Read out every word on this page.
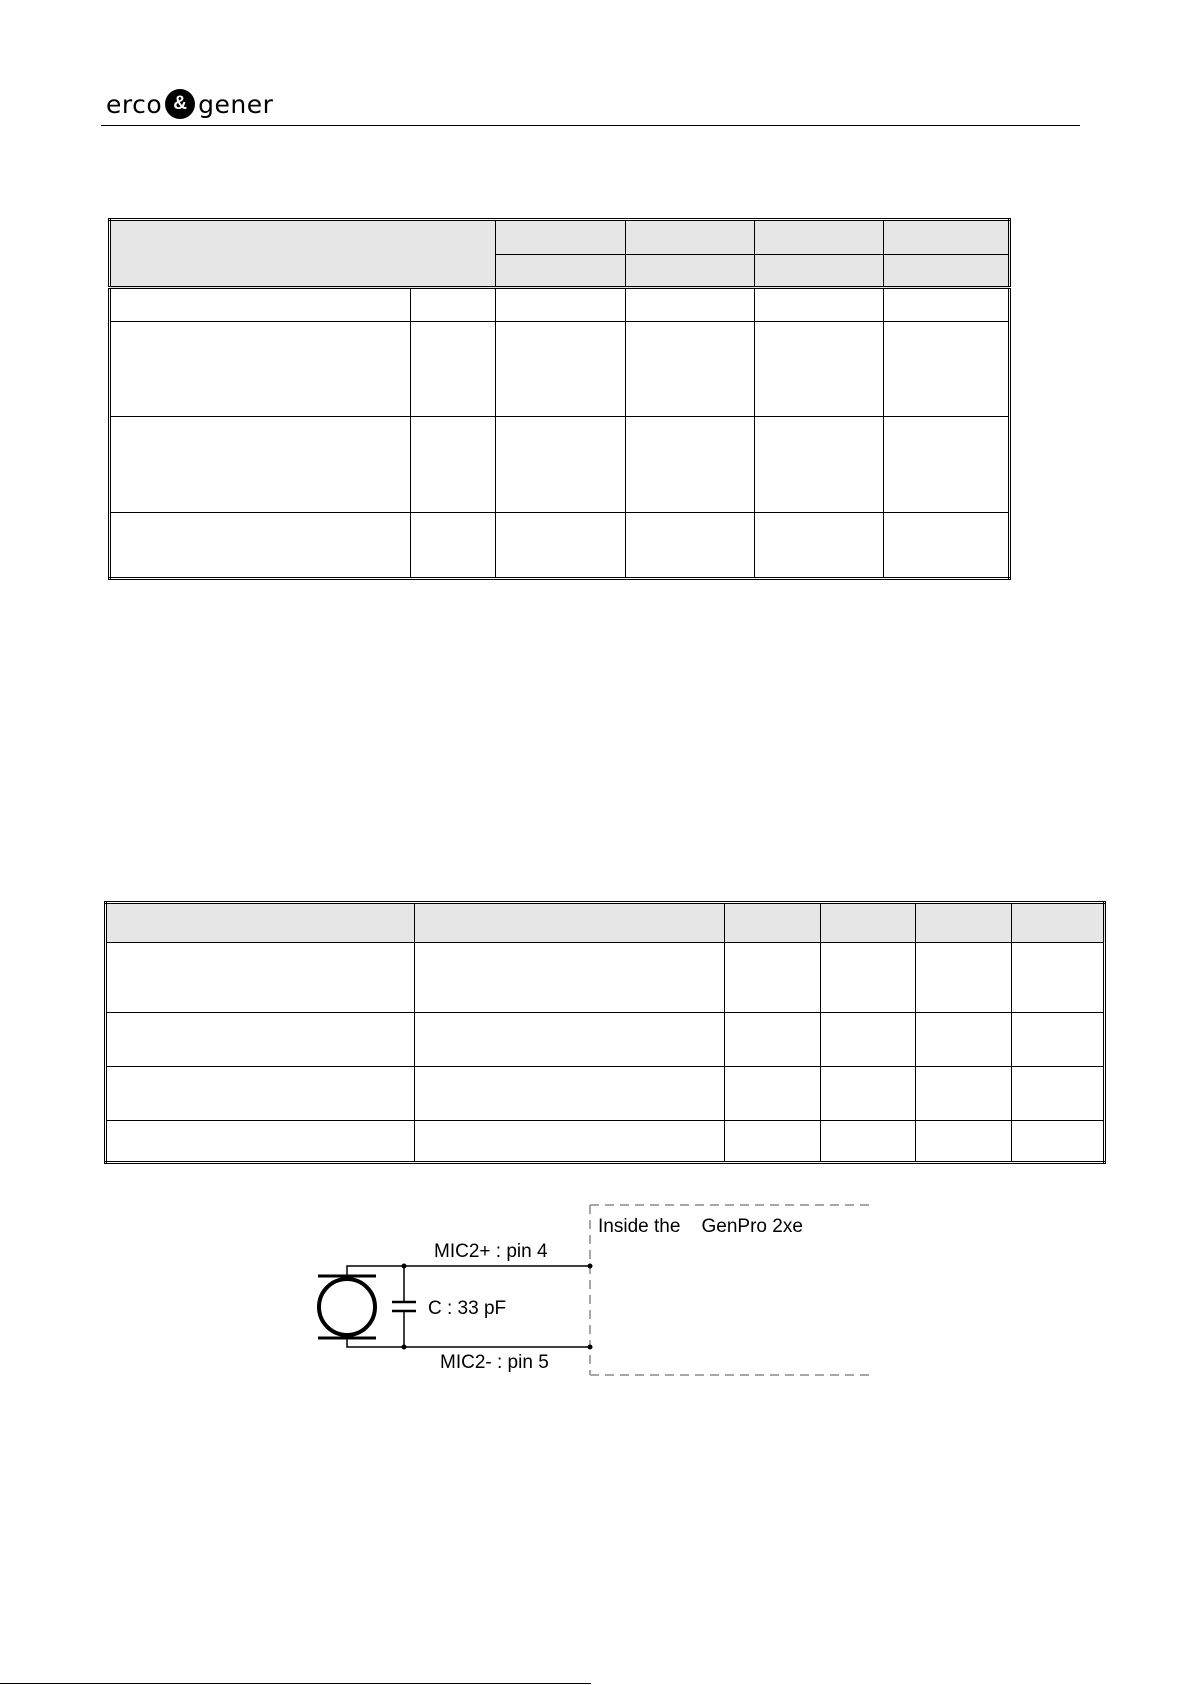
erco & gener

Inside the    GenPro 2xe
MIC2+ : pin 4
C : 33 pF
MIC2- : pin 5
